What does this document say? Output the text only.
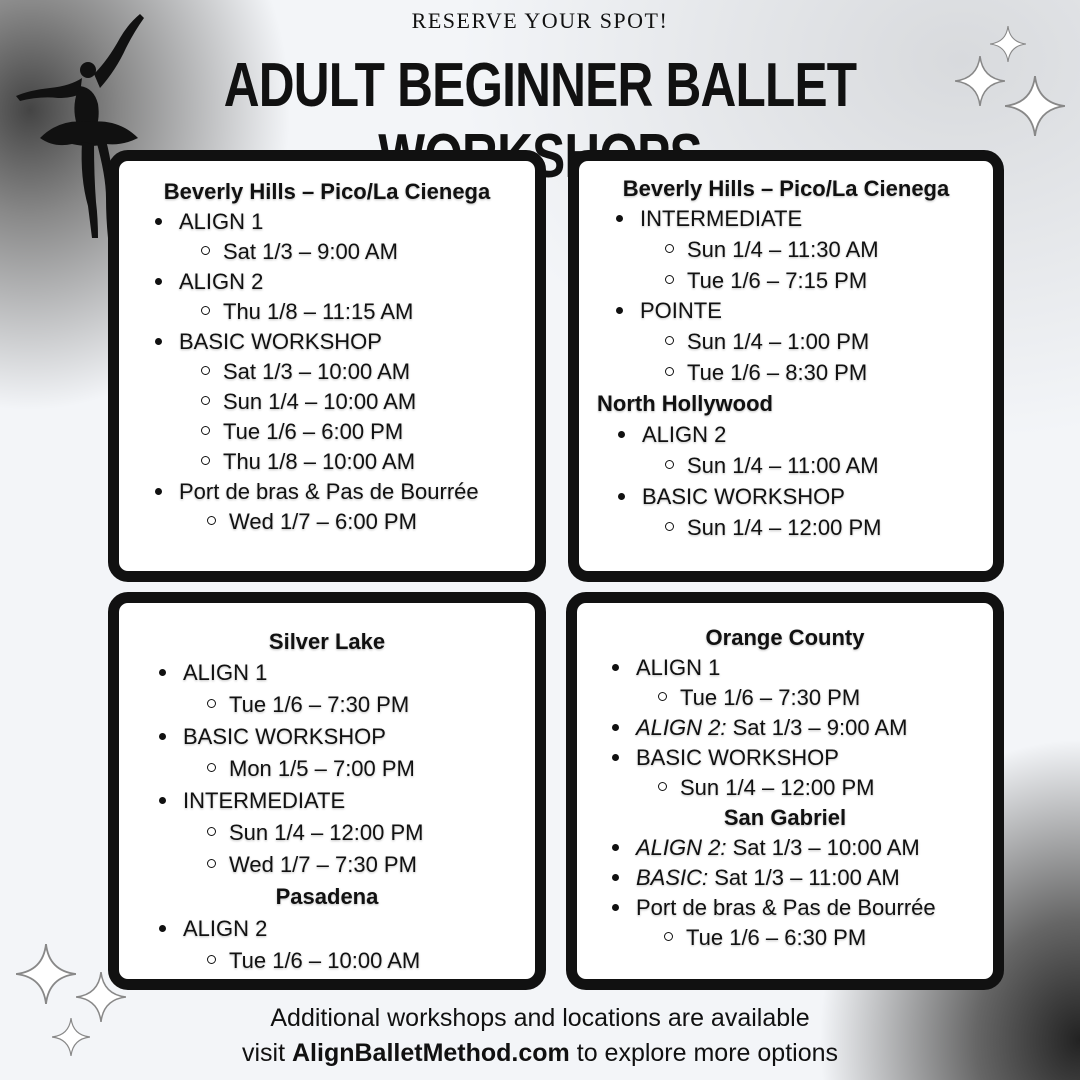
RESERVE YOUR SPOT!
ADULT BEGINNER BALLET
Beverly Hills – Pico/La Cienega
ALIGN 1
Sat 1/3 – 9:00 AM
ALIGN 2
Thu 1/8 – 11:15 AM
BASIC WORKSHOP
Sat 1/3 – 10:00 AM
Sun 1/4 – 10:00 AM
Tue 1/6 – 6:00 PM
Thu 1/8 – 10:00 AM
Port de bras & Pas de Bourrée
Wed 1/7 – 6:00 PM
Beverly Hills – Pico/La Cienega
INTERMEDIATE
Sun 1/4 – 11:30 AM
Tue 1/6 – 7:15 PM
POINTE
Sun 1/4 – 1:00 PM
Tue 1/6 – 8:30 PM
North Hollywood
ALIGN 2
Sun 1/4 – 11:00 AM
BASIC WORKSHOP
Sun 1/4 – 12:00 PM
Silver Lake
ALIGN 1
Tue 1/6 – 7:30 PM
BASIC WORKSHOP
Mon 1/5 – 7:00 PM
INTERMEDIATE
Sun 1/4 – 12:00 PM
Wed 1/7 – 7:30 PM
Pasadena
ALIGN 2
Tue 1/6 – 10:00 AM
Orange County
ALIGN 1
Tue 1/6 – 7:30 PM
ALIGN 2: Sat 1/3 – 9:00 AM
BASIC WORKSHOP
Sun 1/4 – 12:00 PM
San Gabriel
ALIGN 2: Sat 1/3 – 10:00 AM
BASIC: Sat 1/3 – 11:00 AM
Port de bras & Pas de Bourrée
Tue 1/6 – 6:30 PM
Additional workshops and locations are available
visit AlignBalletMethod.com to explore more options
